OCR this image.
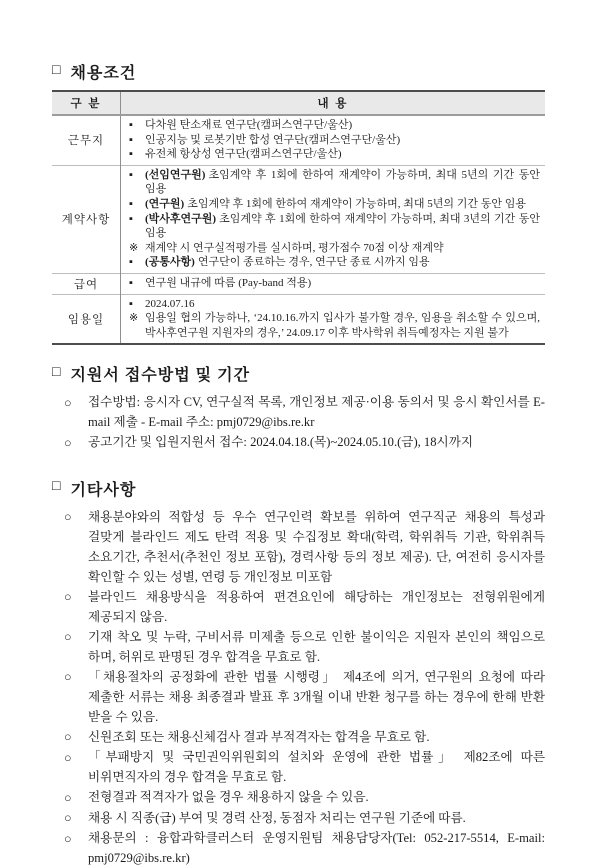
□ 채용조건
구 분	내 용
근무지	
▪	다차원 탄소재료 연구단(캠퍼스연구단/울산)
▪	인공지능 및 로봇기반 합성 연구단(캠퍼스연구단/울산)
▪	유전체 항상성 연구단(캠퍼스연구단/울산)

계약사항	
▪	(선임연구원) 초임계약 후 1회에 한하여 재계약이 가능하며, 최대 5년의 기간 동안 임용
▪	(연구원) 초임계약 후 1회에 한하여 재계약이 가능하며, 최대 5년의 기간 동안 임용
▪	(박사후연구원) 초임계약 후 1회에 한하여 재계약이 가능하며, 최대 3년의 기간 동안 임용
※ 재계약 시 연구실적평가를 실시하며, 평가점수 70점 이상 재계약
▪	(공통사항) 연구단이 종료하는 경우, 연구단 종료 시까지 임용

급여	▪ 연구원 내규에 따름 (Pay-band 적용)

임용일	▪ 2024.07.16
※ 임용일 협의 가능하나, ‘24.10.16.까지 입사가 불가할 경우, 임용을 취소할 수 있으며, 박사후연구원 지원자의 경우,’ 24.09.17 이후 박사학위 취득예정자는 지원 불가
□ 지원서 접수방법 및 기간
○	접수방법: 응시자 CV, 연구실적 목록, 개인정보 제공·이용 동의서 및 응시 확인서를 E-mail 제출 - E-mail 주소: pmj0729@ibs.re.kr
○	공고기간 및 입원지원서 접수: 2024.04.18.(목)~2024.05.10.(금), 18시까지
□ 기타사항
○	채용분야와의 적합성 등 우수 연구인력 확보를 위하여 연구직군 채용의 특성과 걸맞게 블라인드 제도 탄력 적용 및 수집정보 확대(학력, 학위취득 기관, 학위취득 소요기간, 추천서(추천인 정보 포함), 경력사항 등의 정보 제공). 단, 여전히 응시자를 확인할 수 있는 성별, 연령 등 개인정보 미포함
○	블라인드 채용방식을 적용하여 편견요인에 해당하는 개인정보는 전형위원에게 제공되지 않음.
○	기재 착오 및 누락, 구비서류 미제출 등으로 인한 불이익은 지원자 본인의 책임으로 하며, 허위로 판명된 경우 합격을 무효로 함.
○	「채용절차의 공정화에 관한 법률 시행령」 제4조에 의거, 연구원의 요청에 따라 제출한 서류는 채용 최종결과 발표 후 3개월 이내 반환 청구를 하는 경우에 한해 반환 받을 수 있음.
○	신원조회 또는 채용신체검사 결과 부적격자는 합격을 무효로 함.
○	「부패방지 및 국민권익위원회의 설치와 운영에 관한 법률」 제82조에 따른 비위면직자의 경우 합격을 무효로 함.
○	전형결과 적격자가 없을 경우 채용하지 않을 수 있음.
○	채용 시 직종(급) 부여 및 경력 산정, 동점자 처리는 연구원 기준에 따름.
○	채용문의 : 융합과학클러스터 운영지원팀 채용담당자(Tel: 052-217-5514, E-mail: pmj0729@ibs.re.kr)
